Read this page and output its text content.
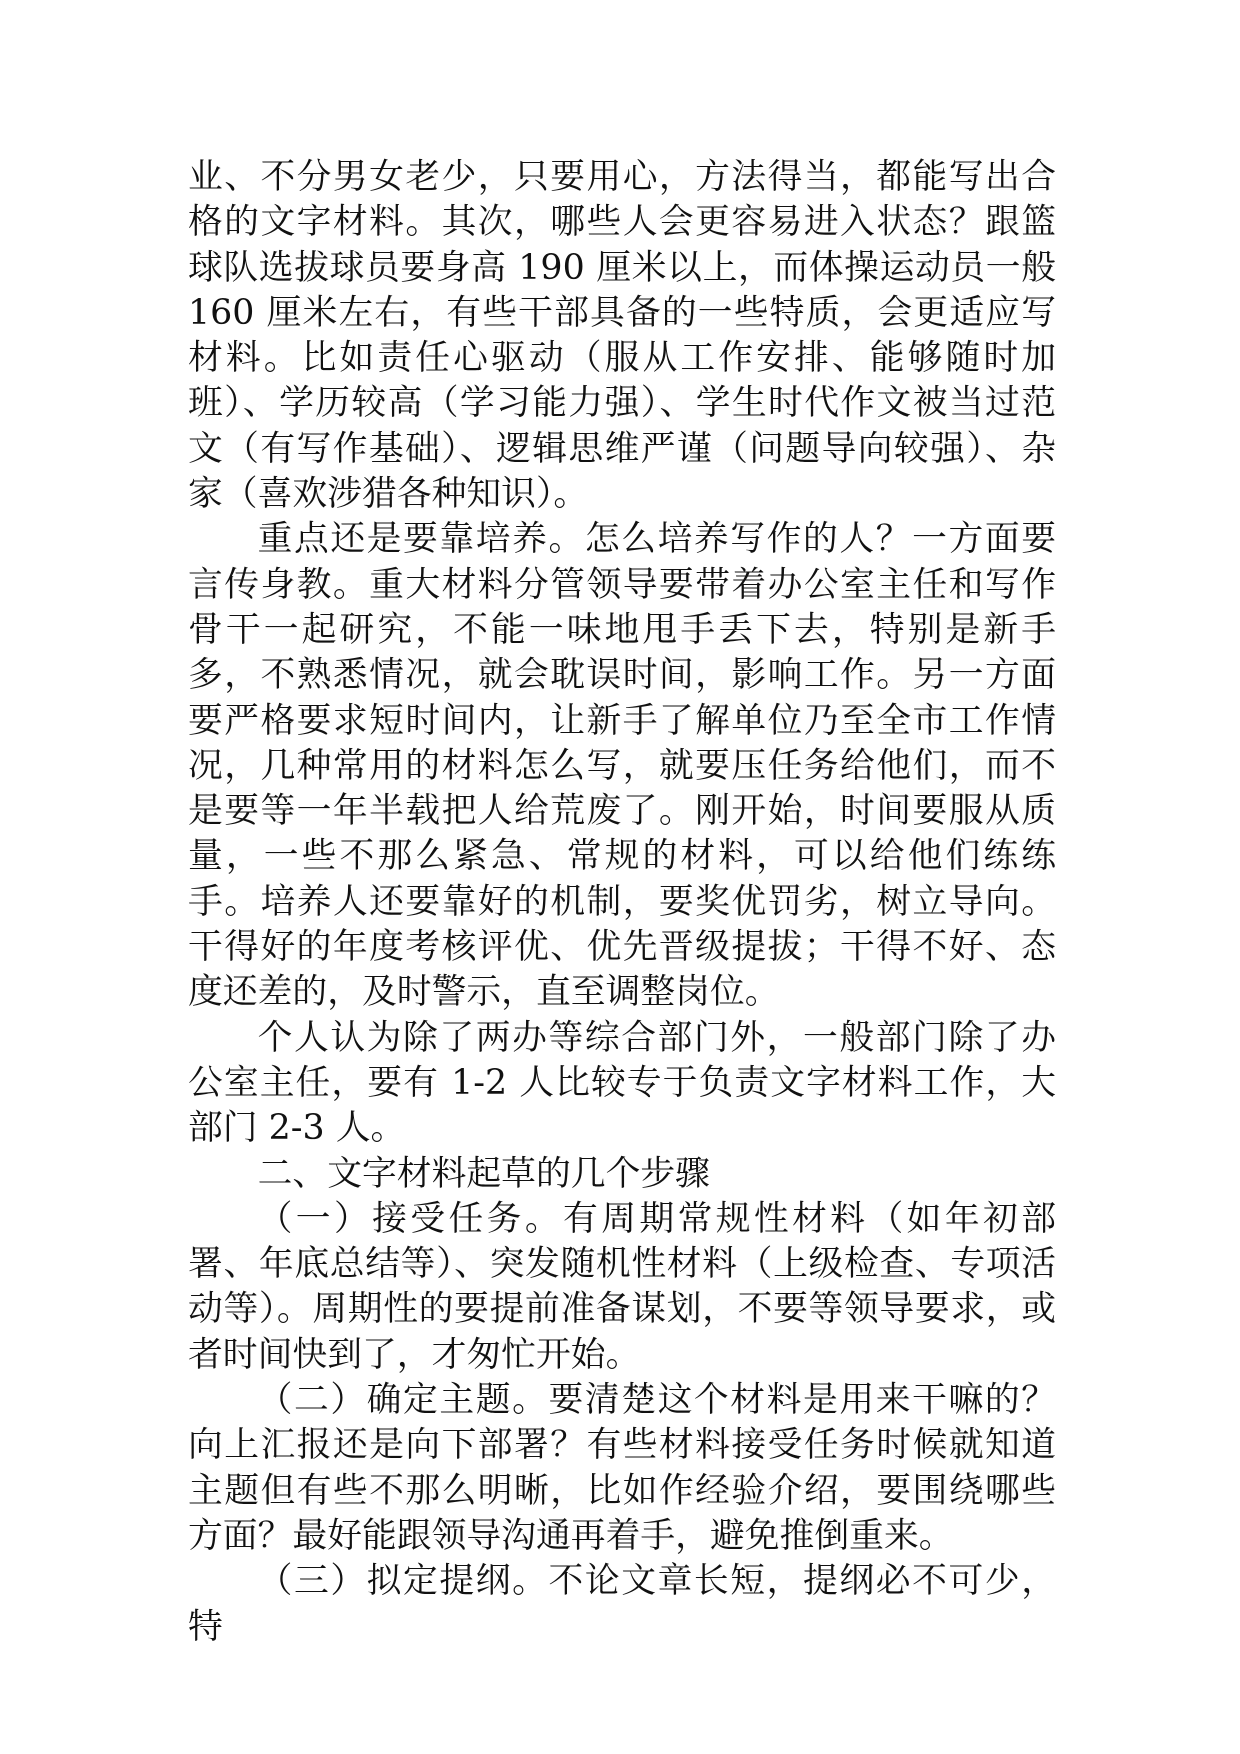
业、不分男女老少，只要用心，方法得当，都能写出合格的文字材料。其次，哪些人会更容易进入状态？跟篮球队选拔球员要身高 190 厘米以上，而体操运动员一般 160 厘米左右，有些干部具备的一些特质，会更适应写材料。比如责任心驱动（服从工作安排、能够随时加班）、学历较高（学习能力强）、学生时代作文被当过范文（有写作基础）、逻辑思维严谨（问题导向较强）、杂家（喜欢涉猎各种知识）。

重点还是要靠培养。怎么培养写作的人？一方面要言传身教。重大材料分管领导要带着办公室主任和写作骨干一起研究，不能一味地甩手丢下去，特别是新手多，不熟悉情况，就会耽误时间，影响工作。另一方面要严格要求短时间内，让新手了解单位乃至全市工作情况，几种常用的材料怎么写，就要压任务给他们，而不是要等一年半载把人给荒废了。刚开始，时间要服从质量，一些不那么紧急、常规的材料，可以给他们练练手。培养人还要靠好的机制，要奖优罚劣，树立导向。干得好的年度考核评优、优先晋级提拔；干得不好、态度还差的，及时警示，直至调整岗位。

个人认为除了两办等综合部门外，一般部门除了办公室主任，要有 1-2 人比较专于负责文字材料工作，大部门 2-3 人。

二、文字材料起草的几个步骤

（一）接受任务。有周期常规性材料（如年初部署、年底总结等）、突发随机性材料（上级检查、专项活动等）。周期性的要提前准备谋划，不要等领导要求，或者时间快到了，才匆忙开始。

（二）确定主题。要清楚这个材料是用来干嘛的？向上汇报还是向下部署？有些材料接受任务时候就知道主题但有些不那么明晰，比如作经验介绍，要围绕哪些方面？最好能跟领导沟通再着手，避免推倒重来。

（三）拟定提纲。不论文章长短，提纲必不可少，特
